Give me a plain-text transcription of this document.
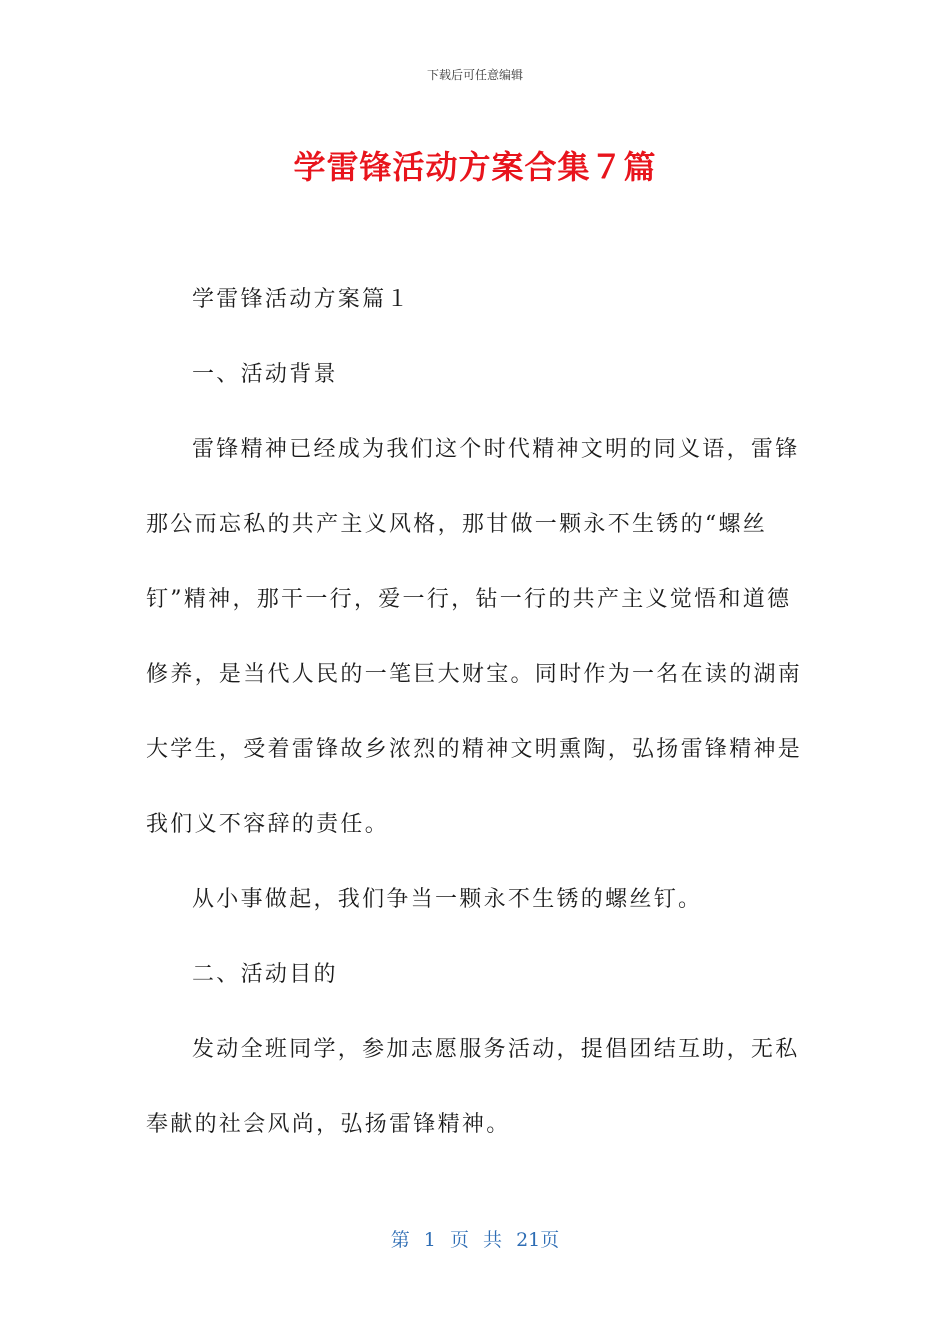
下载后可任意编辑
学雷锋活动方案合集７篇
学雷锋活动方案篇１
一、活动背景
雷锋精神已经成为我们这个时代精神文明的同义语，雷锋
那公而忘私的共产主义风格，那甘做一颗永不生锈的“螺丝
钉”精神，那干一行，爱一行，钻一行的共产主义觉悟和道德
修养，是当代人民的一笔巨大财宝。同时作为一名在读的湖南
大学生，受着雷锋故乡浓烈的精神文明熏陶，弘扬雷锋精神是
我们义不容辞的责任。
从小事做起，我们争当一颗永不生锈的螺丝钉。
二、活动目的
发动全班同学，参加志愿服务活动，提倡团结互助，无私
奉献的社会风尚，弘扬雷锋精神。
第 1 页 共 21页
